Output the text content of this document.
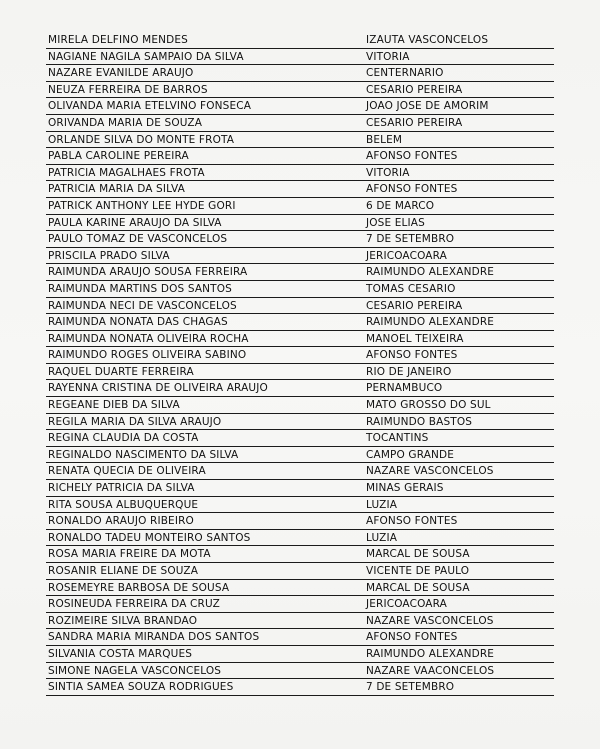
MIRELA DELFINO MENDES	IZAUTA VASCONCELOS
NAGIANE NAGILA SAMPAIO DA SILVA	VITORIA
NAZARE EVANILDE ARAUJO	CENTERNARIO
NEUZA FERREIRA DE BARROS	CESARIO PEREIRA
OLIVANDA MARIA ETELVINO FONSECA	JOAO JOSE DE AMORIM
ORIVANDA MARIA DE SOUZA	CESARIO PEREIRA
ORLANDE SILVA DO MONTE FROTA	BELEM
PABLA CAROLINE PEREIRA	AFONSO FONTES
PATRICIA MAGALHAES FROTA	VITORIA
PATRICIA MARIA DA SILVA	AFONSO FONTES
PATRICK ANTHONY LEE HYDE GORI	6 DE MARCO
PAULA KARINE ARAUJO DA SILVA	JOSE ELIAS
PAULO TOMAZ DE VASCONCELOS	7 DE SETEMBRO
PRISCILA PRADO SILVA	JERICOACOARA
RAIMUNDA ARAUJO SOUSA FERREIRA	RAIMUNDO ALEXANDRE
RAIMUNDA MARTINS DOS SANTOS	TOMAS CESARIO
RAIMUNDA NECI DE VASCONCELOS	CESARIO PEREIRA
RAIMUNDA NONATA DAS CHAGAS	RAIMUNDO ALEXANDRE
RAIMUNDA NONATA OLIVEIRA ROCHA	MANOEL TEIXEIRA
RAIMUNDO ROGES OLIVEIRA SABINO	AFONSO FONTES
RAQUEL DUARTE FERREIRA	RIO DE JANEIRO
RAYENNA CRISTINA DE OLIVEIRA ARAUJO	PERNAMBUCO
REGEANE DIEB DA SILVA	MATO GROSSO DO SUL
REGILA MARIA DA SILVA ARAUJO	RAIMUNDO BASTOS
REGINA CLAUDIA DA COSTA	TOCANTINS
REGINALDO NASCIMENTO DA SILVA	CAMPO GRANDE
RENATA QUECIA DE OLIVEIRA	NAZARE VASCONCELOS
RICHELY PATRICIA DA SILVA	MINAS GERAIS
RITA SOUSA ALBUQUERQUE	LUZIA
RONALDO ARAUJO RIBEIRO	AFONSO FONTES
RONALDO TADEU MONTEIRO SANTOS	LUZIA
ROSA MARIA FREIRE DA MOTA	MARCAL DE SOUSA
ROSANIR ELIANE DE SOUZA	VICENTE DE PAULO
ROSEMEYRE BARBOSA DE SOUSA	MARCAL DE SOUSA
ROSINEUDA FERREIRA DA CRUZ	JERICOACOARA
ROZIMEIRE SILVA BRANDAO	NAZARE VASCONCELOS
SANDRA MARIA MIRANDA DOS SANTOS	AFONSO FONTES
SILVANIA COSTA MARQUES	RAIMUNDO ALEXANDRE
SIMONE NAGELA VASCONCELOS	NAZARE VAACONCELOS
SINTIA SAMEA SOUZA RODRIGUES	7 DE SETEMBRO
